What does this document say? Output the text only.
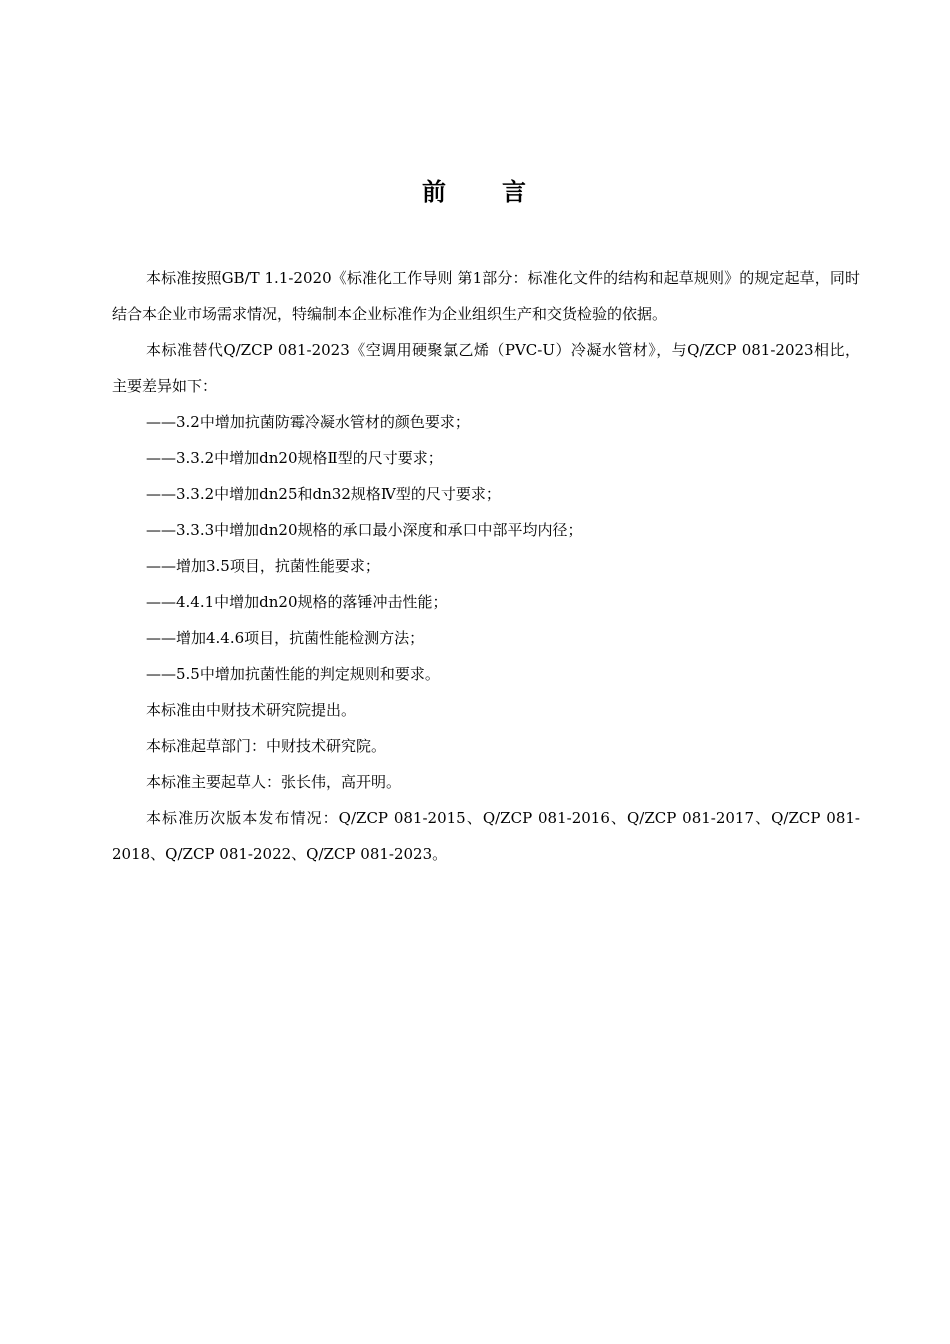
前 言

本标准按照GB/T 1.1-2020《标准化工作导则 第1部分：标准化文件的结构和起草规则》的规定起草，同时结合本企业市场需求情况，特编制本企业标准作为企业组织生产和交货检验的依据。

本标准替代Q/ZCP 081-2023《空调用硬聚氯乙烯（PVC-U）冷凝水管材》，与Q/ZCP 081-2023相比，主要差异如下：

——3.2中增加抗菌防霉冷凝水管材的颜色要求；

——3.3.2中增加dn20规格Ⅱ型的尺寸要求；

——3.3.2中增加dn25和dn32规格Ⅳ型的尺寸要求；

——3.3.3中增加dn20规格的承口最小深度和承口中部平均内径；

——增加3.5项目，抗菌性能要求；

——4.4.1中增加dn20规格的落锤冲击性能；

——增加4.4.6项目，抗菌性能检测方法；

——5.5中增加抗菌性能的判定规则和要求。

本标准由中财技术研究院提出。

本标准起草部门：中财技术研究院。

本标准主要起草人：张长伟，高开明。

本标准历次版本发布情况：Q/ZCP 081-2015、Q/ZCP 081-2016、Q/ZCP 081-2017、Q/ZCP 081-2018、Q/ZCP 081-2022、Q/ZCP 081-2023。
